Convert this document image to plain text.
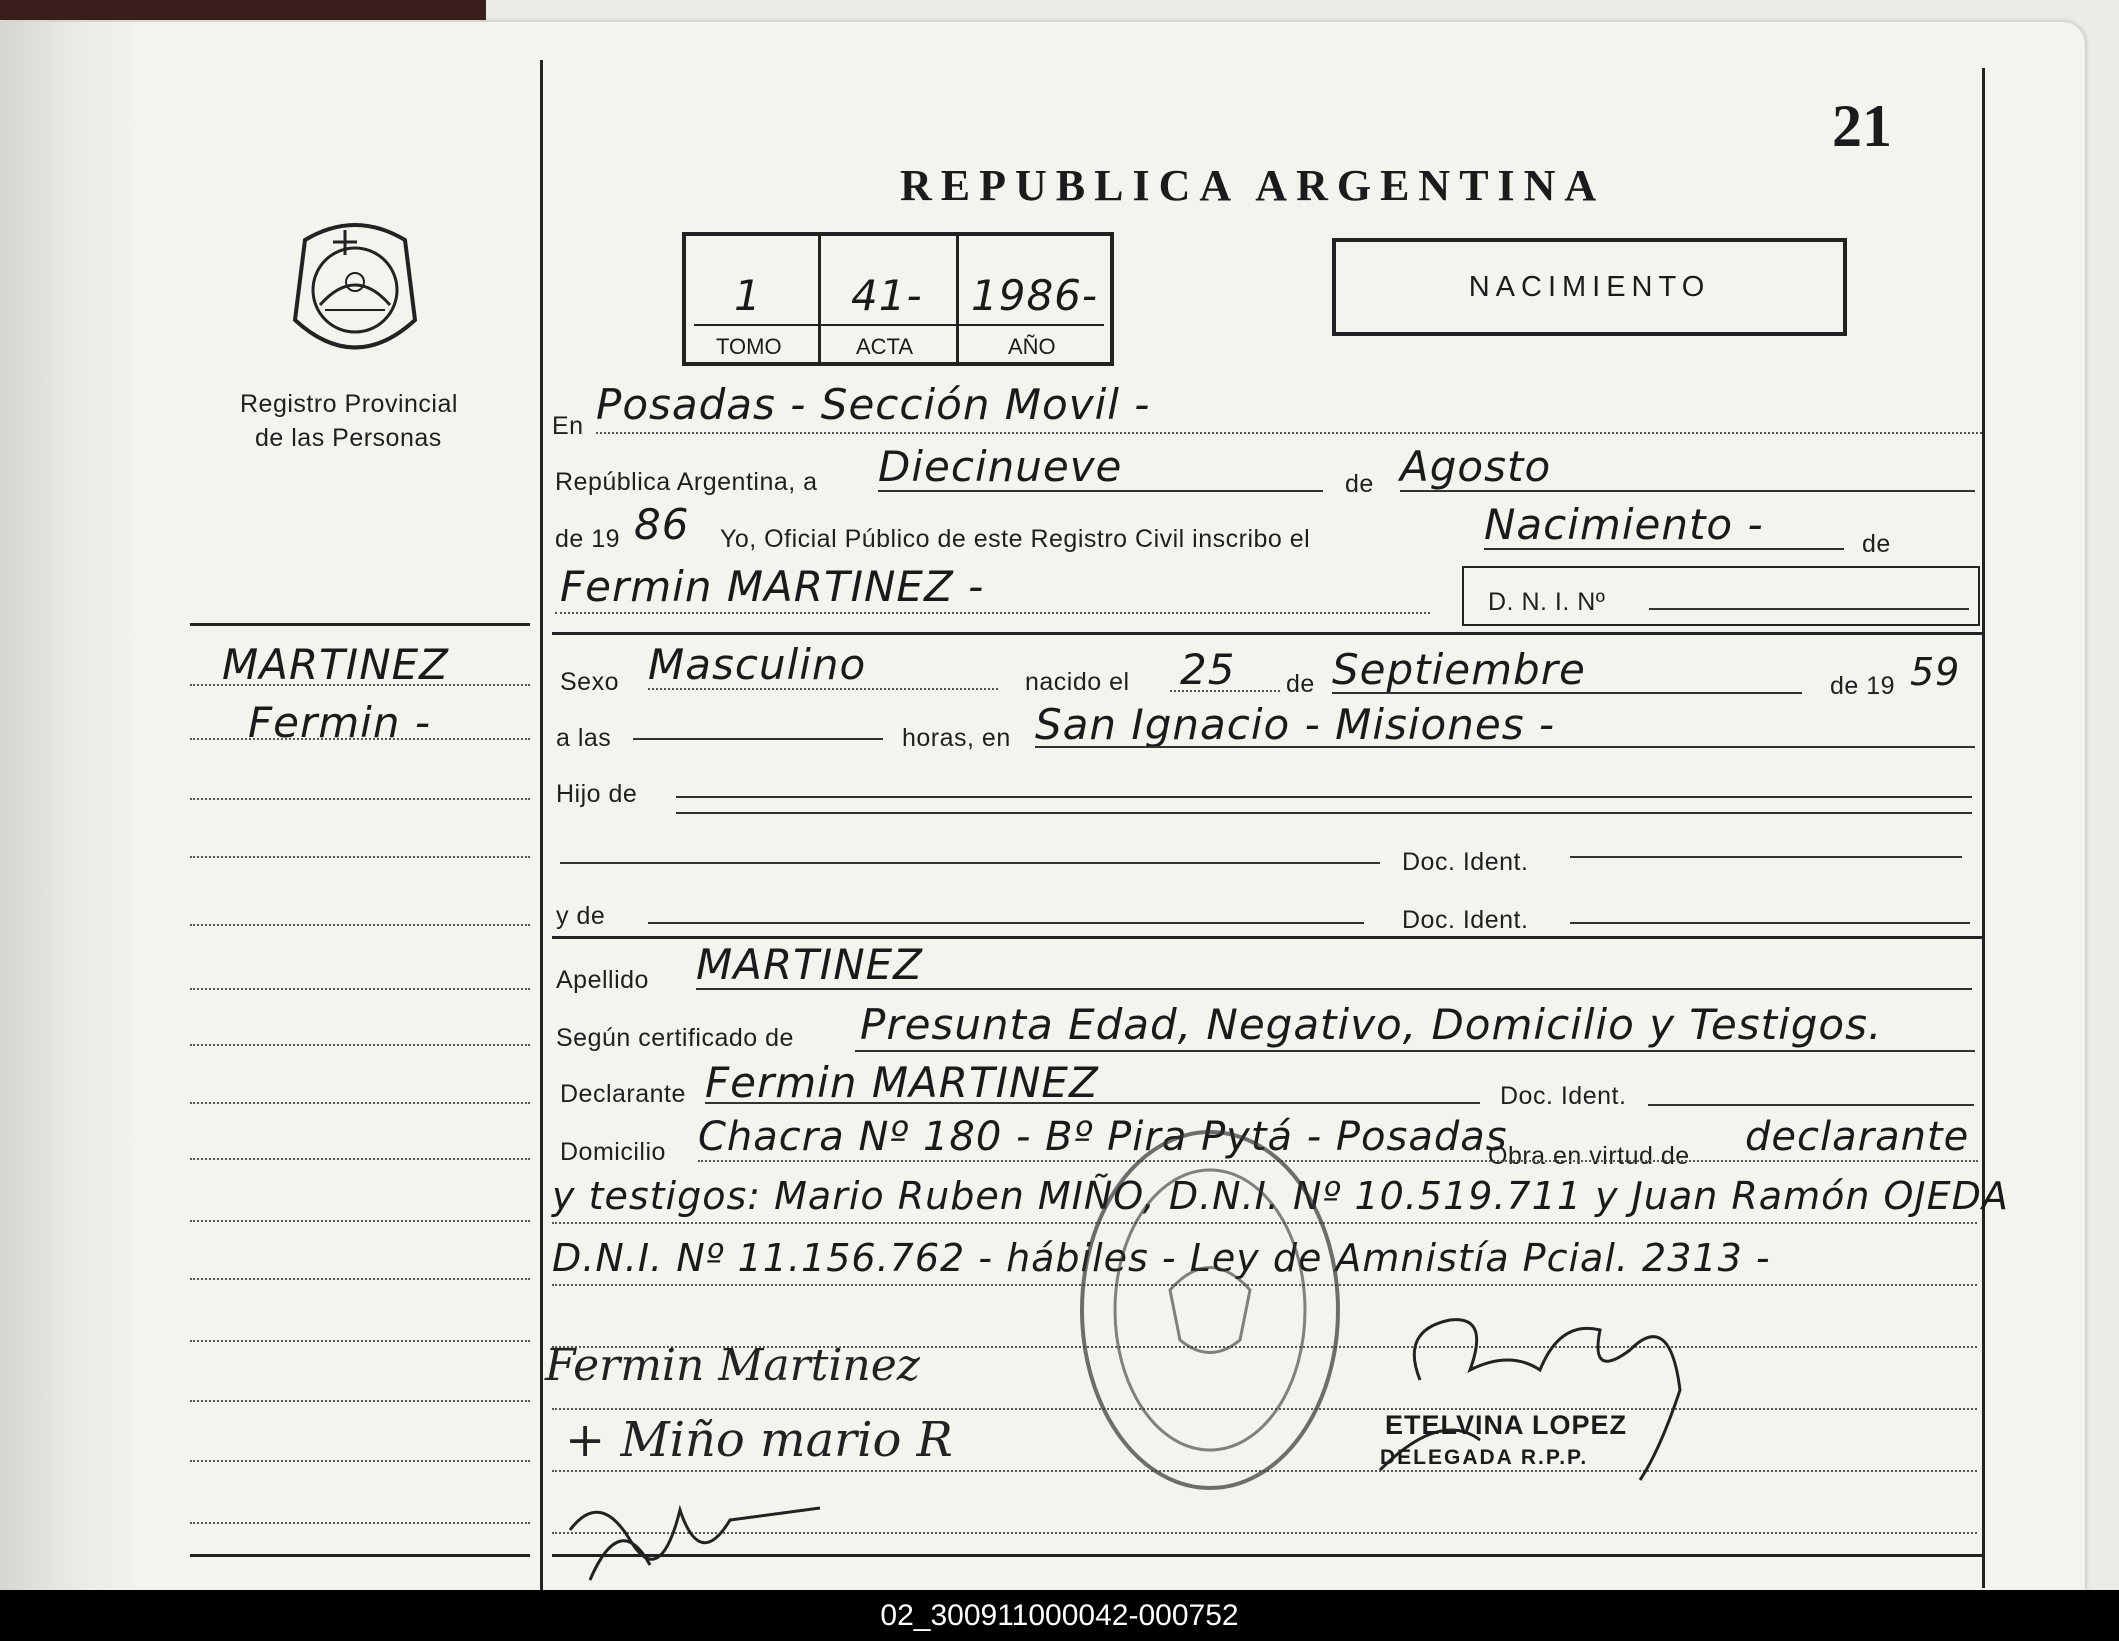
21
REPUBLICA ARGENTINA
Registro Provincial
de las Personas
1 41- 1986-
TOMO	ACTA	AÑO
NACIMIENTO
En Posadas - Sección Movil -
República Argentina, a Diecinueve	de Agosto
de 19 86 Yo, Oficial Público de este Registro Civil inscribo el	Nacimiento -	de
Fermin MARTINEZ -	D. N. I. Nº
MARTINEZ
Fermin -
Sexo Masculino	nacido el 25 de Septiembre	de 19 59
a las	horas, en San Ignacio - Misiones -
Hijo de
Doc. Ident.
y de	Doc. Ident.
Apellido MARTINEZ
Según certificado de Presunta Edad, Negativo, Domicilio y Testigos.
Declarante Fermin MARTINEZ	Doc. Ident.
Domicilio Chacra Nº 180 - Bº Pira Pytá - Posadas
Obra en virtud de declarante
y testigos: Mario Ruben MIÑO, D.N.I. Nº 10.519.711 y Juan Ramón OJEDA
D.N.I. Nº 11.156.762 - hábiles - Ley de Amnistía Pcial. 2313 -
Fermin Martinez
+ Miño mario R	ETELVINA LOPEZ
DELEGADA R.P.P.
02_300911000042-000752
